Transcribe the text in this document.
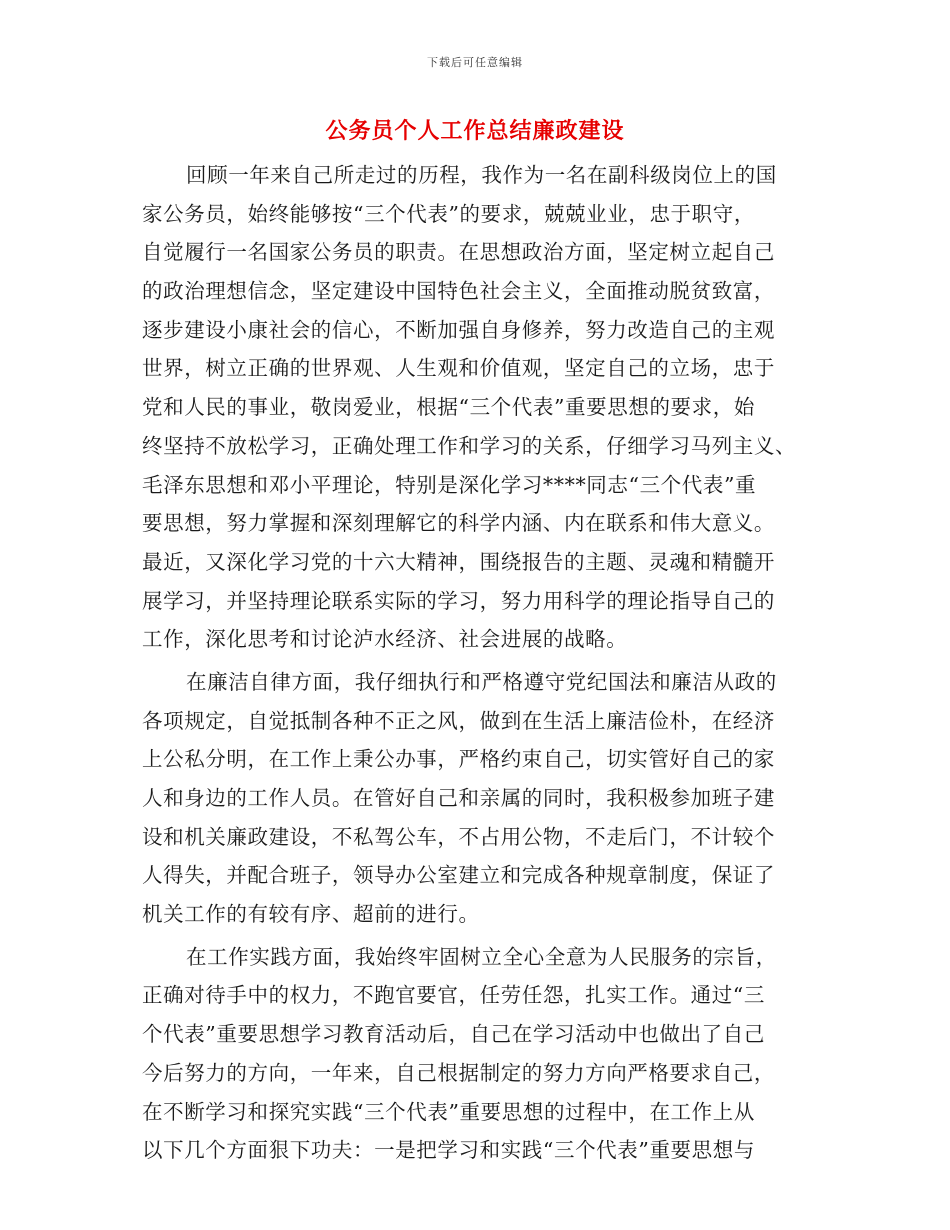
下载后可任意编辑
公务员个人工作总结廉政建设
回顾一年来自己所走过的历程，我作为一名在副科级岗位上的国
家公务员，始终能够按“三个代表”的要求，兢兢业业，忠于职守，
自觉履行一名国家公务员的职责。在思想政治方面，坚定树立起自己
的政治理想信念，坚定建设中国特色社会主义，全面推动脱贫致富，
逐步建设小康社会的信心，不断加强自身修养，努力改造自己的主观
世界，树立正确的世界观、人生观和价值观，坚定自己的立场，忠于
党和人民的事业，敬岗爱业，根据“三个代表”重要思想的要求，始
终坚持不放松学习，正确处理工作和学习的关系，仔细学习马列主义、
毛泽东思想和邓小平理论，特别是深化学习****同志“三个代表”重
要思想，努力掌握和深刻理解它的科学内涵、内在联系和伟大意义。
最近，又深化学习党的十六大精神，围绕报告的主题、灵魂和精髓开
展学习，并坚持理论联系实际的学习，努力用科学的理论指导自己的
工作，深化思考和讨论泸水经济、社会进展的战略。
在廉洁自律方面，我仔细执行和严格遵守党纪国法和廉洁从政的
各项规定，自觉抵制各种不正之风，做到在生活上廉洁俭朴，在经济
上公私分明，在工作上秉公办事，严格约束自己，切实管好自己的家
人和身边的工作人员。在管好自己和亲属的同时，我积极参加班子建
设和机关廉政建设，不私驾公车，不占用公物，不走后门，不计较个
人得失，并配合班子，领导办公室建立和完成各种规章制度，保证了
机关工作的有较有序、超前的进行。
在工作实践方面，我始终牢固树立全心全意为人民服务的宗旨，
正确对待手中的权力，不跑官要官，任劳任怨，扎实工作。通过“三
个代表”重要思想学习教育活动后，自己在学习活动中也做出了自己
今后努力的方向，一年来，自己根据制定的努力方向严格要求自己，
在不断学习和探究实践“三个代表”重要思想的过程中，在工作上从
以下几个方面狠下功夫：一是把学习和实践“三个代表”重要思想与
